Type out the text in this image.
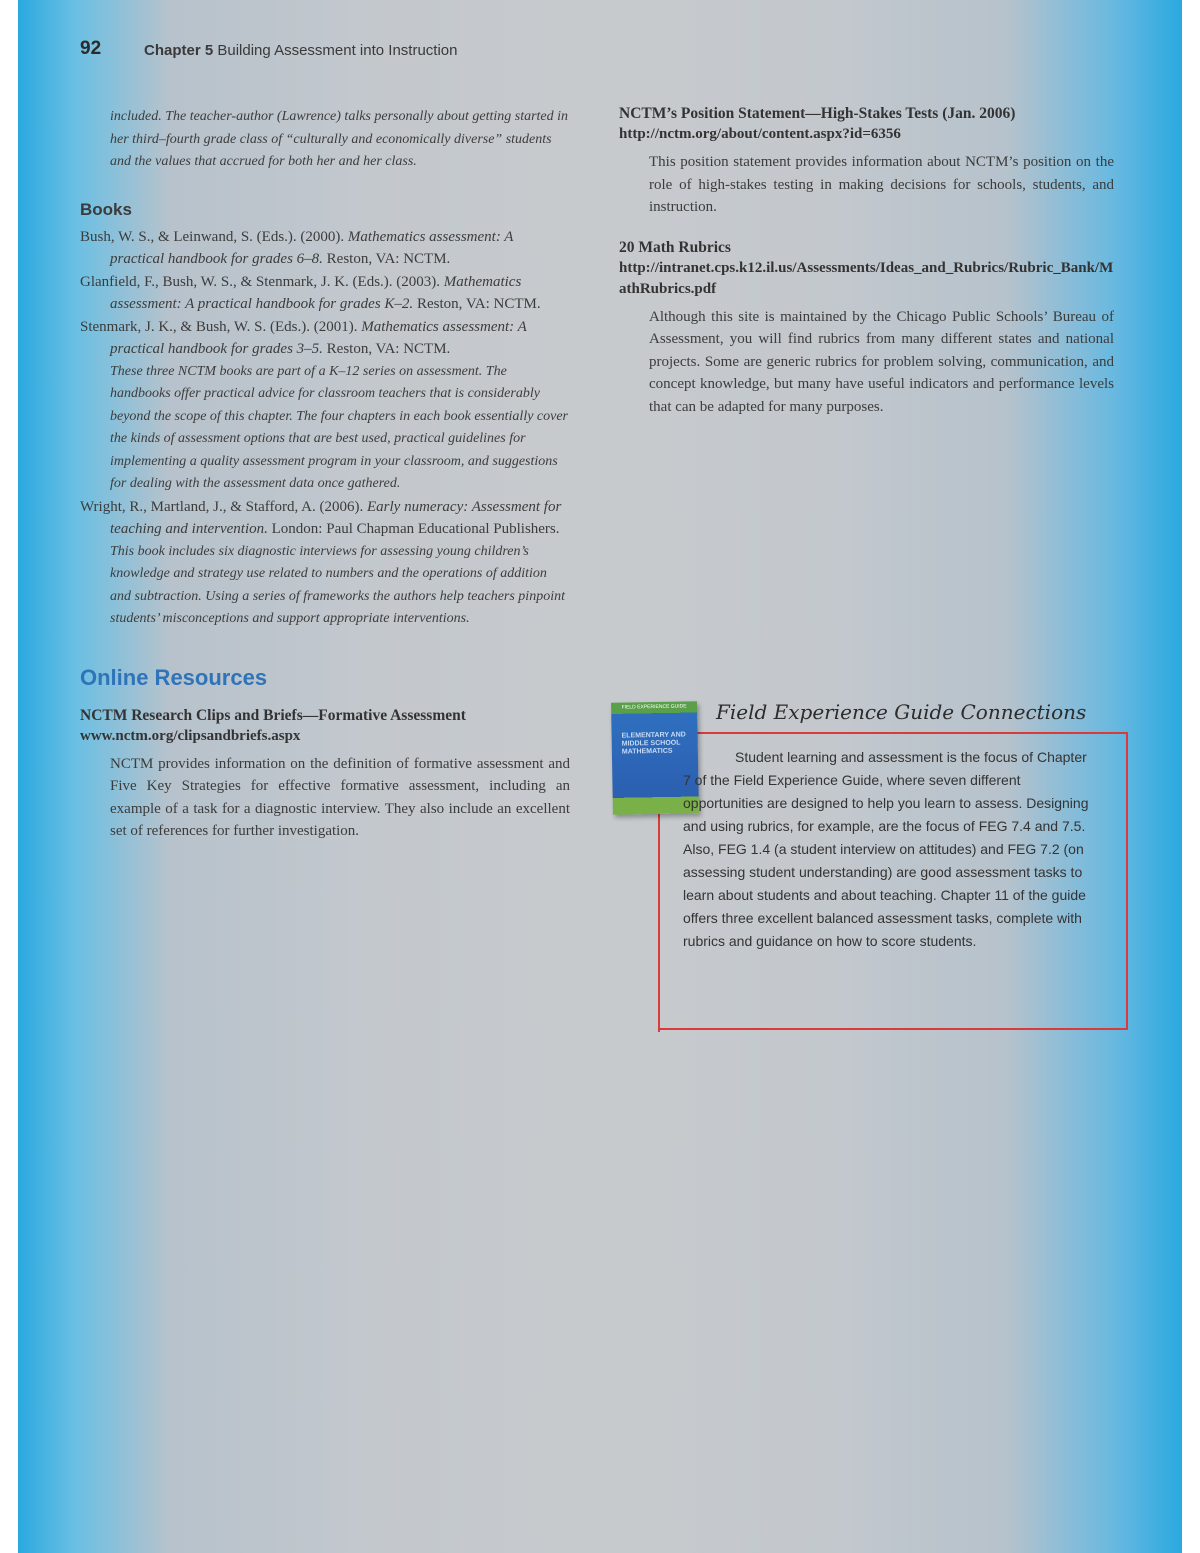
92	Chapter 5 Building Assessment into Instruction

included. The teacher-author (Lawrence) talks personally about getting started in her third–fourth grade class of “culturally and economically diverse” students and the values that accrued for both her and her class.

Books

Bush, W. S., & Leinwand, S. (Eds.). (2000). Mathematics assessment: A practical handbook for grades 6–8. Reston, VA: NCTM.

Glanfield, F., Bush, W. S., & Stenmark, J. K. (Eds.). (2003). Mathematics assessment: A practical handbook for grades K–2. Reston, VA: NCTM.

Stenmark, J. K., & Bush, W. S. (Eds.). (2001). Mathematics assessment: A practical handbook for grades 3–5. Reston, VA: NCTM.

These three NCTM books are part of a K–12 series on assessment. The handbooks offer practical advice for classroom teachers that is considerably beyond the scope of this chapter. The four chapters in each book essentially cover the kinds of assessment options that are best used, practical guidelines for implementing a quality assessment program in your classroom, and suggestions for dealing with the assessment data once gathered.

Wright, R., Martland, J., & Stafford, A. (2006). Early numeracy: Assessment for teaching and intervention. London: Paul Chapman Educational Publishers.

This book includes six diagnostic interviews for assessing young children’s knowledge and strategy use related to numbers and the operations of addition and subtraction. Using a series of frameworks the authors help teachers pinpoint students’ misconceptions and support appropriate interventions.

Online Resources

NCTM Research Clips and Briefs—Formative Assessment

www.nctm.org/clipsandbriefs.aspx

NCTM provides information on the definition of formative assessment and Five Key Strategies for effective formative assessment, including an example of a task for a diagnostic interview. They also include an excellent set of references for further investigation.

NCTM’s Position Statement—High-Stakes Tests (Jan. 2006)

http://nctm.org/about/content.aspx?id=6356

This position statement provides information about NCTM’s position on the role of high-stakes testing in making decisions for schools, students, and instruction.

20 Math Rubrics

http://intranet.cps.k12.il.us/Assessments/Ideas_and_Rubrics/Rubric_Bank/MathRubrics.pdf

Although this site is maintained by the Chicago Public Schools’ Bureau of Assessment, you will find rubrics from many different states and national projects. Some are generic rubrics for problem solving, communication, and concept knowledge, but many have useful indicators and performance levels that can be adapted for many purposes.

FIELD EXPERIENCE GUIDE
ELEMENTARY AND MIDDLE SCHOOL MATHEMATICS
Field Experience Guide Connections
Student learning and assessment is the focus of Chapter 7 of the Field Experience Guide, where seven different opportunities are designed to help you learn to assess. Designing and using rubrics, for example, are the focus of FEG 7.4 and 7.5. Also, FEG 1.4 (a student interview on attitudes) and FEG 7.2 (on assessing student understanding) are good assessment tasks to learn about students and about teaching. Chapter 11 of the guide offers three excellent balanced assessment tasks, complete with rubrics and guidance on how to score students.
